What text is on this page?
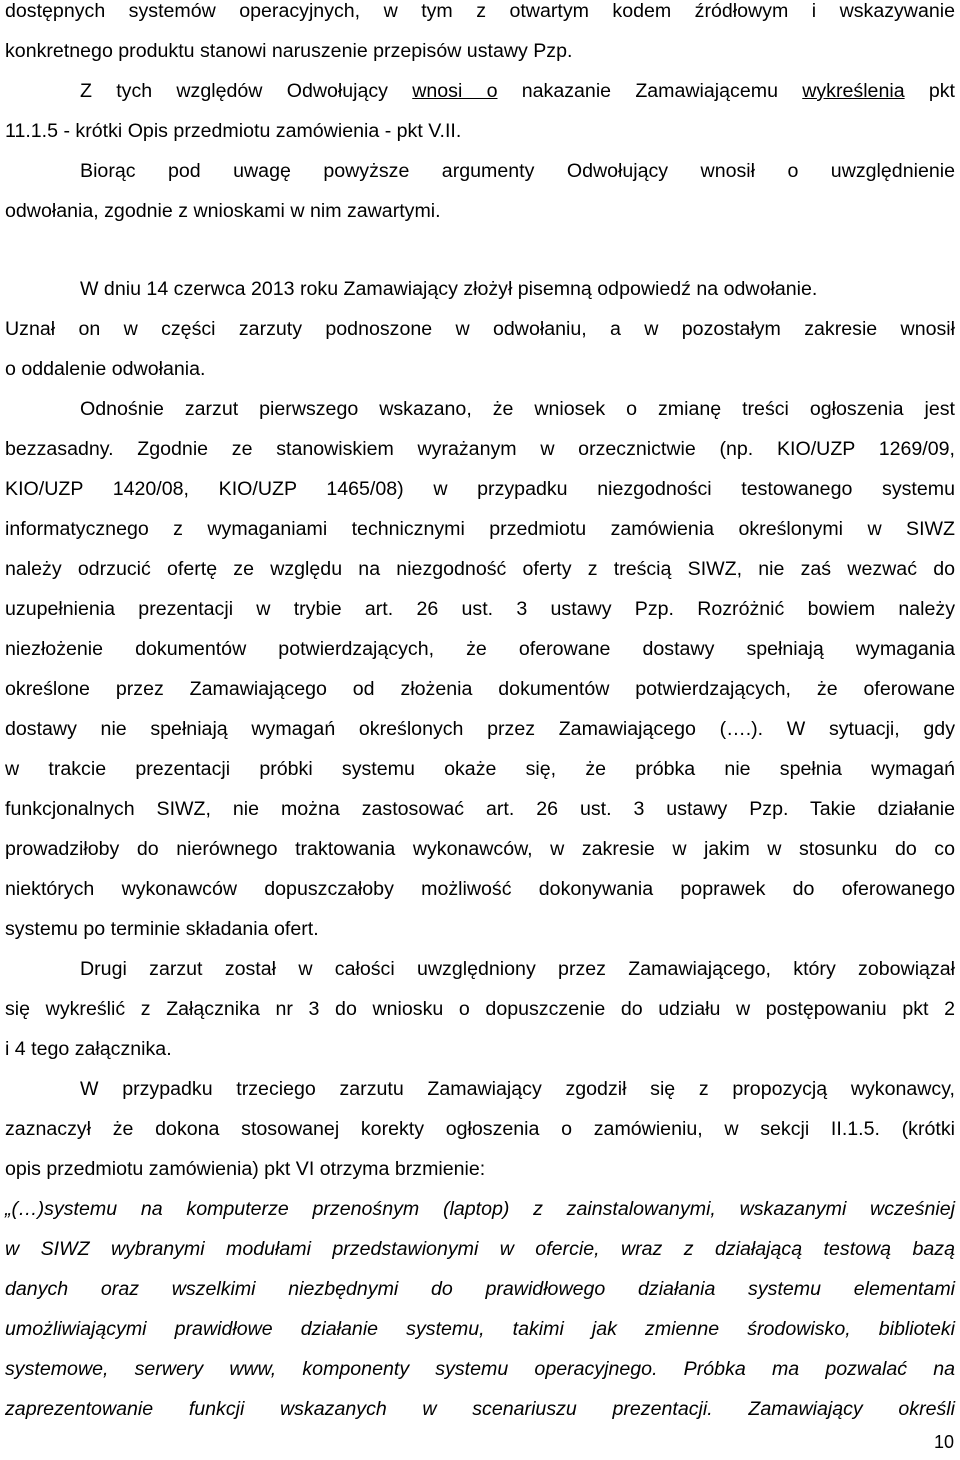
dostępnych systemów operacyjnych, w tym z otwartym kodem źródłowym i wskazywanie
konkretnego produktu stanowi naruszenie przepisów ustawy Pzp.
Z tych względów Odwołujący wnosi o nakazanie Zamawiającemu wykreślenia pkt
11.1.5 - krótki Opis przedmiotu zamówienia - pkt V.II.
Biorąc pod uwagę powyższe argumenty Odwołujący wnosił o uwzględnienie
odwołania, zgodnie z wnioskami w nim zawartymi.
W dniu 14 czerwca 2013 roku Zamawiający złożył pisemną odpowiedź na odwołanie.
Uznał on w części zarzuty podnoszone w odwołaniu, a w pozostałym zakresie wnosił
o oddalenie odwołania.
Odnośnie zarzut pierwszego wskazano, że wniosek o zmianę treści ogłoszenia jest
bezzasadny. Zgodnie ze stanowiskiem wyrażanym w orzecznictwie (np. KIO/UZP 1269/09,
KIO/UZP 1420/08, KIO/UZP 1465/08) w przypadku niezgodności testowanego systemu
informatycznego z wymaganiami technicznymi przedmiotu zamówienia określonymi w SIWZ
należy odrzucić ofertę ze względu na niezgodność oferty z treścią SIWZ, nie zaś wezwać do
uzupełnienia prezentacji w trybie art. 26 ust. 3 ustawy Pzp. Rozróżnić bowiem należy
niezłożenie dokumentów potwierdzających, że oferowane dostawy spełniają wymagania
określone przez Zamawiającego od złożenia dokumentów potwierdzających, że oferowane
dostawy nie spełniają wymagań określonych przez Zamawiającego (….). W sytuacji, gdy
w trakcie prezentacji próbki systemu okaże się, że próbka nie spełnia wymagań
funkcjonalnych SIWZ, nie można zastosować art. 26 ust. 3 ustawy Pzp. Takie działanie
prowadziłoby do nierównego traktowania wykonawców, w zakresie w jakim w stosunku do co
niektórych wykonawców dopuszczałoby możliwość dokonywania poprawek do oferowanego
systemu po terminie składania ofert.
Drugi zarzut został w całości uwzględniony przez Zamawiającego, który zobowiązał
się wykreślić z Załącznika nr 3 do wniosku o dopuszczenie do udziału w postępowaniu pkt 2
i 4 tego załącznika.
W przypadku trzeciego zarzutu Zamawiający zgodził się z propozycją wykonawcy,
zaznaczył że dokona stosowanej korekty ogłoszenia o zamówieniu, w sekcji II.1.5. (krótki
opis przedmiotu zamówienia) pkt VI otrzyma brzmienie:
„(…)systemu na komputerze przenośnym (laptop) z zainstalowanymi, wskazanymi wcześniej
w SIWZ wybranymi modułami przedstawionymi w ofercie, wraz z działającą testową bazą
danych oraz wszelkimi niezbędnymi do prawidłowego działania systemu elementami
umożliwiającymi prawidłowe działanie systemu, takimi jak zmienne środowisko, biblioteki
systemowe, serwery www, komponenty systemu operacyjnego. Próbka ma pozwalać na
zaprezentowanie funkcji wskazanych w scenariuszu prezentacji. Zamawiający określi
10
